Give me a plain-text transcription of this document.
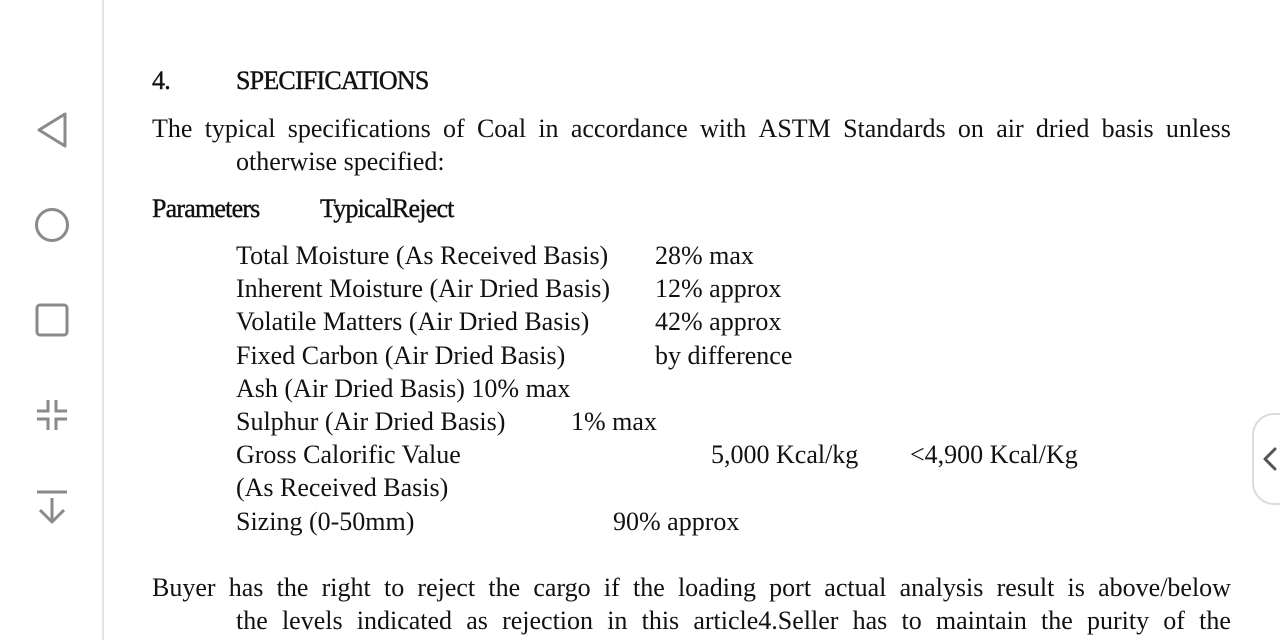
4.	SPECIFICATIONS
The typical specifications of Coal in accordance with ASTM Standards on air dried basis unless
otherwise specified:
Parameters TypicalReject
Total Moisture (As Received Basis) 28% max
Inherent Moisture (Air Dried Basis) 12% approx
Volatile Matters (Air Dried Basis)	42% approx
Fixed Carbon (Air Dried Basis)	by difference
Ash (Air Dried Basis) 10% max
Sulphur (Air Dried Basis)	1% max
Gross Calorific Value	5,000 Kcal/kg <4,900 Kcal/Kg
(As Received Basis)
Sizing (0-50mm)	90% approx
Buyer has the right to reject the cargo if the loading port actual analysis result is above/below
the levels indicated as rejection in this article4.Seller has to maintain the purity of the
